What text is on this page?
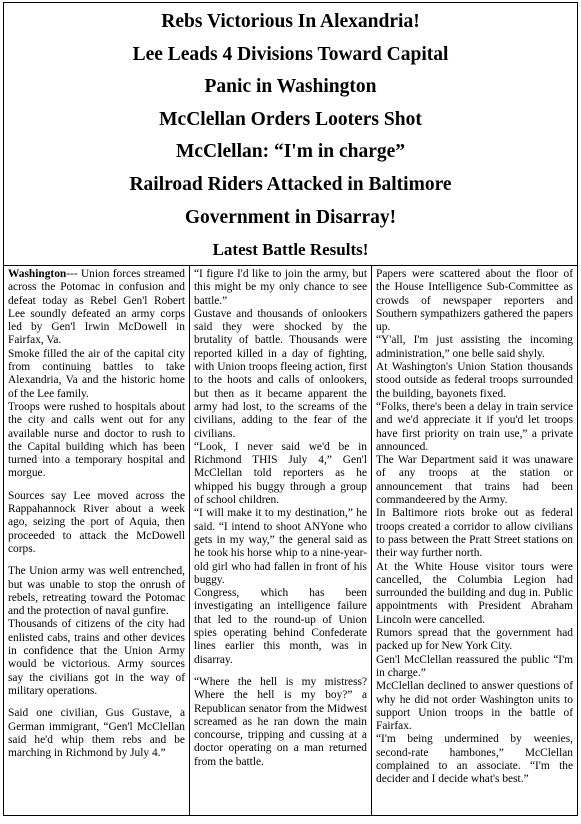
Rebs Victorious In Alexandria!
Lee Leads 4 Divisions Toward Capital
Panic in Washington
McClellan Orders Looters Shot
McClellan: “I'm in charge”
Railroad Riders Attacked in Baltimore
Government in Disarray!
Latest Battle Results!

Washington--- Union forces streamed across the Potomac in confusion and defeat today as Rebel Gen'l Robert Lee soundly defeated an army corps led by Gen'l Irwin McDowell in Fairfax, Va.

Smoke filled the air of the capital city from continuing battles to take Alexandria, Va and the historic home of the Lee family.

Troops were rushed to hospitals about the city and calls went out for any available nurse and doctor to rush to the Capital building which has been turned into a temporary hospital and morgue.

Sources say Lee moved across the Rappahannock River about a week ago, seizing the port of Aquia, then proceeded to attack the McDowell corps.

The Union army was well entrenched, but was unable to stop the onrush of rebels, retreating toward the Potomac and the protection of naval gunfire.

Thousands of citizens of the city had enlisted cabs, trains and other devices in confidence that the Union Army would be victorious. Army sources say the civilians got in the way of military operations.

Said one civilian, Gus Gustave, a German immigrant, “Gen'l McClellan said he'd whip them rebs and be marching in Richmond by July 4.”

“I figure I'd like to join the army, but this might be my only chance to see battle.”

Gustave and thousands of onlookers said they were shocked by the brutality of battle. Thousands were reported killed in a day of fighting, with Union troops fleeing action, first to the hoots and calls of onlookers, but then as it became apparent the army had lost, to the screams of the civilians, adding to the fear of the civilians.

“Look, I never said we'd be in Richmond THIS July 4,” Gen'l McClellan told reporters as he whipped his buggy through a group of school children.

“I will make it to my destination,” he said. “I intend to shoot ANYone who gets in my way,” the general said as he took his horse whip to a nine-year-old girl who had fallen in front of his buggy.

Congress, which has been investigating an intelligence failure that led to the round-up of Union spies operating behind Confederate lines earlier this month, was in disarray.

“Where the hell is my mistress? Where the hell is my boy?” a Republican senator from the Midwest screamed as he ran down the main concourse, tripping and cussing at a doctor operating on a man returned from the battle.

Papers were scattered about the floor of the House Intelligence Sub-Committee as crowds of newspaper reporters and Southern sympathizers gathered the papers up.

“Y'all, I'm just assisting the incoming administration,” one belle said shyly.

At Washington's Union Station thousands stood outside as federal troops surrounded the building, bayonets fixed.

“Folks, there's been a delay in train service and we'd appreciate it if you'd let troops have first priority on train use,” a private announced.

The War Department said it was unaware of any troops at the station or announcement that trains had been commandeered by the Army.

In Baltimore riots broke out as federal troops created a corridor to allow civilians to pass between the Pratt Street stations on their way further north.

At the White House visitor tours were cancelled, the Columbia Legion had surrounded the building and dug in. Public appointments with President Abraham Lincoln were cancelled.

Rumors spread that the government had packed up for New York City.

Gen'l McClellan reassured the public “I'm in charge.”

McClellan declined to answer questions of why he did not order Washington units to support Union troops in the battle of Fairfax.

“I'm being undermined by weenies, second-rate hambones,” McClellan complained to an associate. “I'm the decider and I decide what's best.”
